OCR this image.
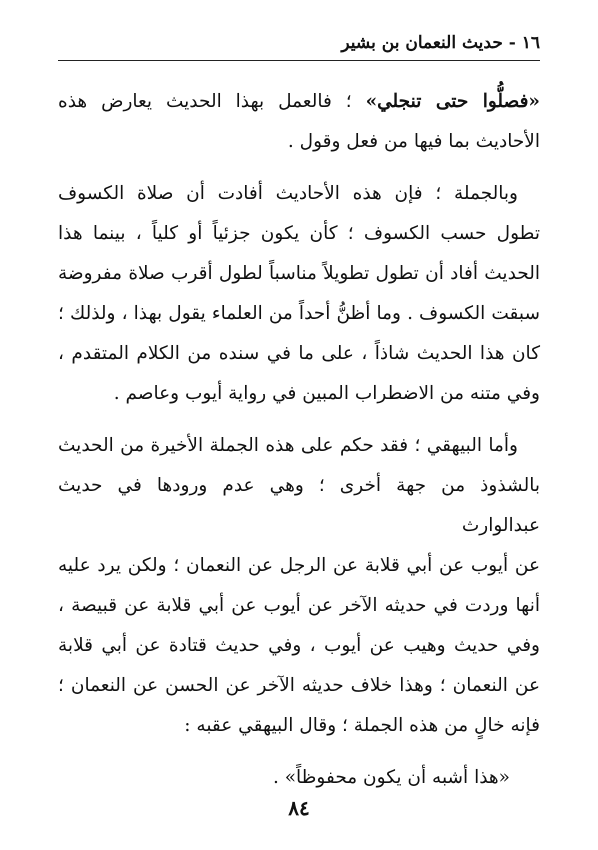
١٦ - حديث النعمان بن بشير

«فصلُّوا حتى تنجلي» ؛ فالعمل بهذا الحديث يعارض هذه
الأحاديث بما فيها من فعل وقول .

وبالجملة ؛ فإن هذه الأحاديث أفادت أن صلاة الكسوف
تطول حسب الكسوف ؛ كأن يكون جزئياً أو كلياً ، بينما هذا
الحديث أفاد أن تطول تطويلاً مناسباً لطول أقرب صلاة مفروضة
سبقت الكسوف . وما أظنُّ أحداً من العلماء يقول بهذا ، ولذلك ؛
كان هذا الحديث شاذاً ، على ما في سنده من الكلام المتقدم ،
وفي متنه من الاضطراب المبين في رواية أيوب وعاصم .

وأما البيهقي ؛ فقد حكم على هذه الجملة الأخيرة من الحديث
بالشذوذ من جهة أخرى ؛ وهي عدم ورودها في حديث عبدالوارث
عن أيوب عن أبي قلابة عن الرجل عن النعمان ؛ ولكن يرد عليه
أنها وردت في حديثه الآخر عن أيوب عن أبي قلابة عن قبيصة ،
وفي حديث وهيب عن أيوب ، وفي حديث قتادة عن أبي قلابة
عن النعمان ؛ وهذا خلاف حديثه الآخر عن الحسن عن النعمان ؛
فإنه خالٍ من هذه الجملة ؛ وقال البيهقي عقبه :

«هذا أشبه أن يكون محفوظاً» .

٨٤
